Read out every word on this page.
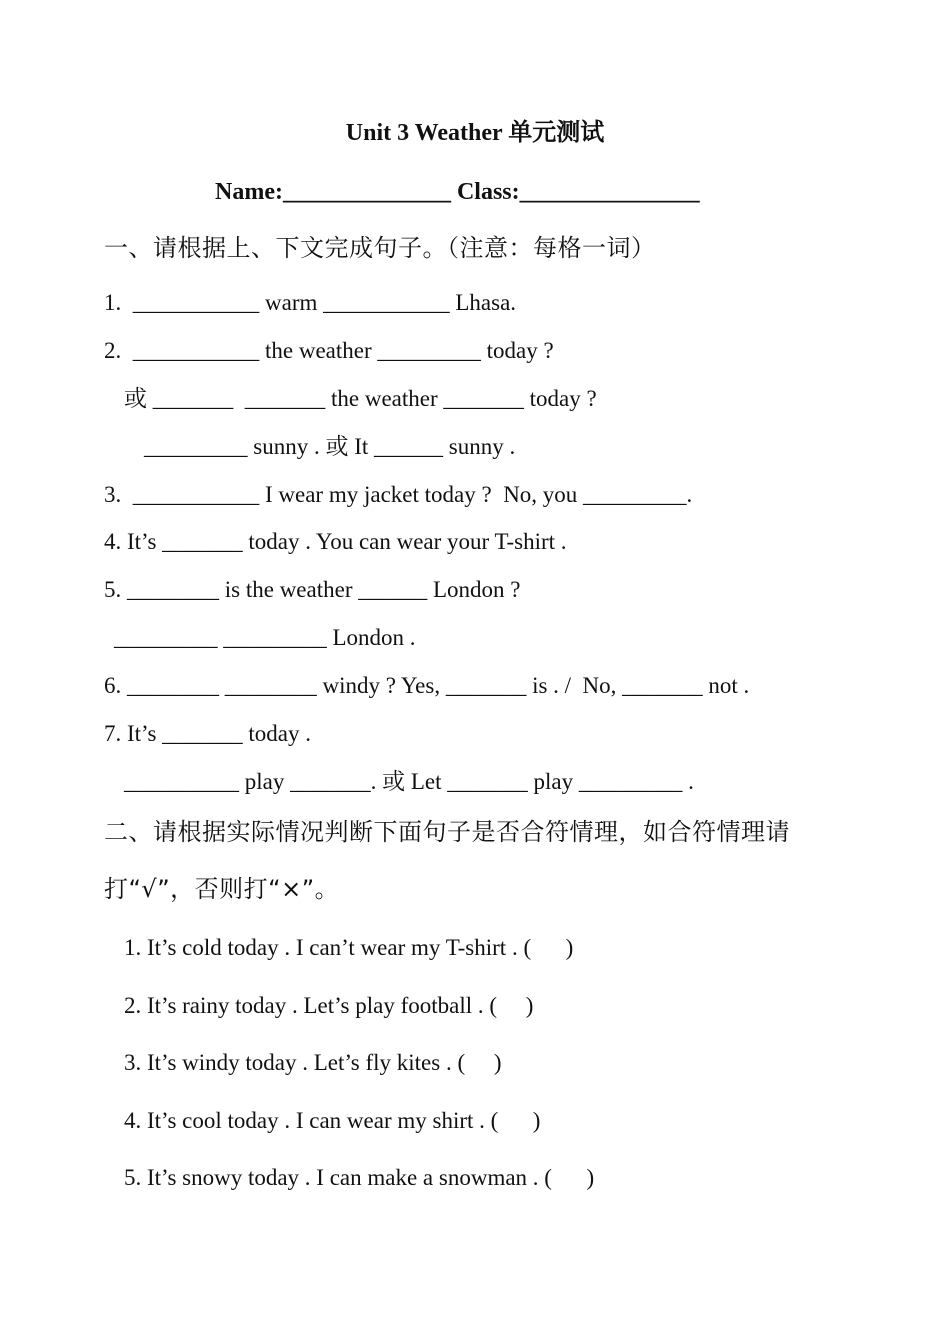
Unit 3 Weather 单元测试
Name:______________ Class:_______________
一、请根据上、下文完成句子。（注意：每格一词）
1.  ___________ warm ___________ Lhasa.
2.  ___________ the weather _________ today ?
或 _______  _______ the weather _______ today ?
_________ sunny . 或 It ______ sunny .
3.  ___________ I wear my jacket today ?  No, you _________.
4. It’s _______ today . You can wear your T-shirt .
5. ________ is the weather ______ London ?
_________ _________ London .
6. ________ ________ windy ? Yes, _______ is . /  No, _______ not .
7. It’s _______ today .
__________ play _______. 或 Let _______ play _________ .
二、请根据实际情况判断下面句子是否合符情理，如合符情理请
打“√”，否则打“×”。
1. It’s cold today . I can’t wear my T-shirt . (      )
2. It’s rainy today . Let’s play football . (     )
3. It’s windy today . Let’s fly kites . (     )
4. It’s cool today . I can wear my shirt . (      )
5. It’s snowy today . I can make a snowman . (      )
